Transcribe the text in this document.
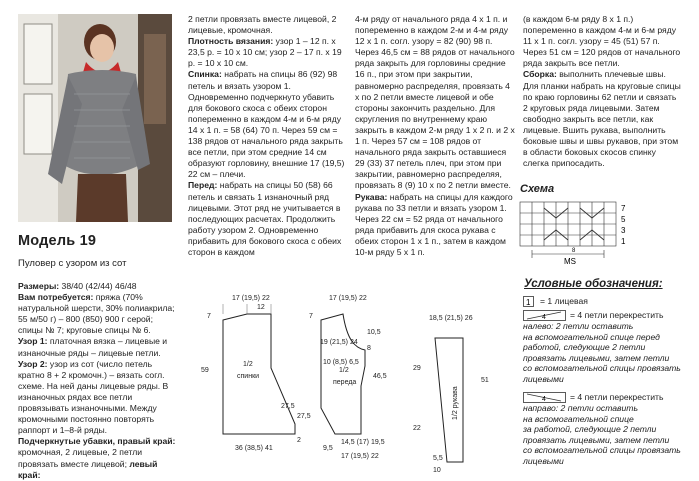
Модель 19
Пуловер с узором из сот

Размеры: 38/40 (42/44) 46/48

Вам потребуется: пряжа (70% натуральной шерсти, 30% полиакрила; 55 м/50 г) – 800 (850) 900 г серой; спицы № 7; круговые спицы № 6.

Узор 1: платочная вязка – лицевые и изнаночные ряды – лицевые петли.

Узор 2: узор из сот (число петель кратно 8 + 2 кромочн.) – вязать согл. схеме. На ней даны лицевые ряды. В изнаночных рядах все петли провязывать изнаночными. Между кромочными постоянно повторять раппорт и 1–8-й ряды.

Подчеркнутые убавки, правый край: кромочная, 2 лицевые, 2 петли провязать вместе лицевой; левый край:

2 петли провязать вместе лицевой, 2 лицевые, кромочная.

Плотность вязания: узор 1 – 12 п. х 23,5 р. = 10 х 10 см; узор 2 – 17 п. х 19 р. = 10 х 10 см.

Спинка: набрать на спицы 86 (92) 98 петель и вязать узором 1. Одновременно подчеркнуто убавить для бокового скоса с обеих сторон попеременно в каждом 4-м и 6-м ряду 14 х 1 п. = 58 (64) 70 п. Через 59 см = 138 рядов от начального ряда закрыть все петли, при этом средние 14 см образуют горловину, внешние 17 (19,5) 22 см – плечи.

Перед: набрать на спицы 50 (58) 66 петель и связать 1 изнаночный ряд лицевыми. Этот ряд не учитывается в последующих расчетах. Продолжить работу узором 2. Одновременно прибавить для бокового скоса с обеих сторон в каждом

4-м ряду от начального ряда 4 х 1 п. и попеременно в каждом 2-м и 4-м ряду 12 х 1 п. согл. узору = 82 (90) 98 п. Через 46,5 см = 88 рядов от начального ряда закрыть для горловины средние 16 п., при этом при закрытии, равномерно распределяя, провязать 4 х по 2 петли вместе лицевой и обе стороны закончить раздельно. Для скругления по внутреннему краю закрыть в каждом 2-м ряду 1 х 2 п. и 2 х 1 п. Через 57 см = 108 рядов от начального ряда закрыть оставшиеся 29 (33) 37 петель плеч, при этом при закрытии, равномерно распределяя, провязать 8 (9) 10 х по 2 петли вместе.

Рукава: набрать на спицы для каждого рукава по 33 петли и вязать узором 1. Через 22 см = 52 ряда от начального ряда прибавить для скоса рукава с обеих сторон 1 х 1 п., затем в каждом 10-м ряду 5 х 1 п.

(в каждом 6-м ряду 8 х 1 п.) попеременно в каждом 4-м и 6-м ряду 11 х 1 п. согл. узору = 45 (51) 57 п. Через 51 см = 120 рядов от начального ряда закрыть все петли.

Сборка: выполнить плечевые швы. Для планки набрать на круговые спицы по краю горловины 62 петли и связать 2 круговых ряда лицевыми. Затем свободно закрыть все петли, как лицевые. Вшить рукава, выполнить боковые швы и швы рукавов, при этом в области боковых скосов спинку слегка припосадить.

Схема
7
5
3
1
MS
8
Условные обозначения:
1 = 1 лицевая
4	= 4 петли перекрестить
налево: 2 петли оставить
на вспомогательной спице перед
работой, следующие 2 петли
провязать лицевыми, затем петли
со вспомогательной спицы провязать
лицевыми
4	= 4 петли перекрестить
направо: 2 петли оставить
на вспомогательной спице
за работой, следующие 2 петли
провязать лицевыми, затем петли
со вспомогательной спицы провязать
лицевыми
17 (19,5) 22
12
7
59
1/2
спинки
27,5
2
36 (38,5) 41
17 (19,5) 22
10,5
8
19 (21,5) 24
10 (8,5) 6,5
46,5
1/2
переда
27,5
9,5
14,5 (17) 19,5
17 (19,5) 22
7	18,5 (21,5) 26
51
29
22
1/2 рукава
5,5
10
